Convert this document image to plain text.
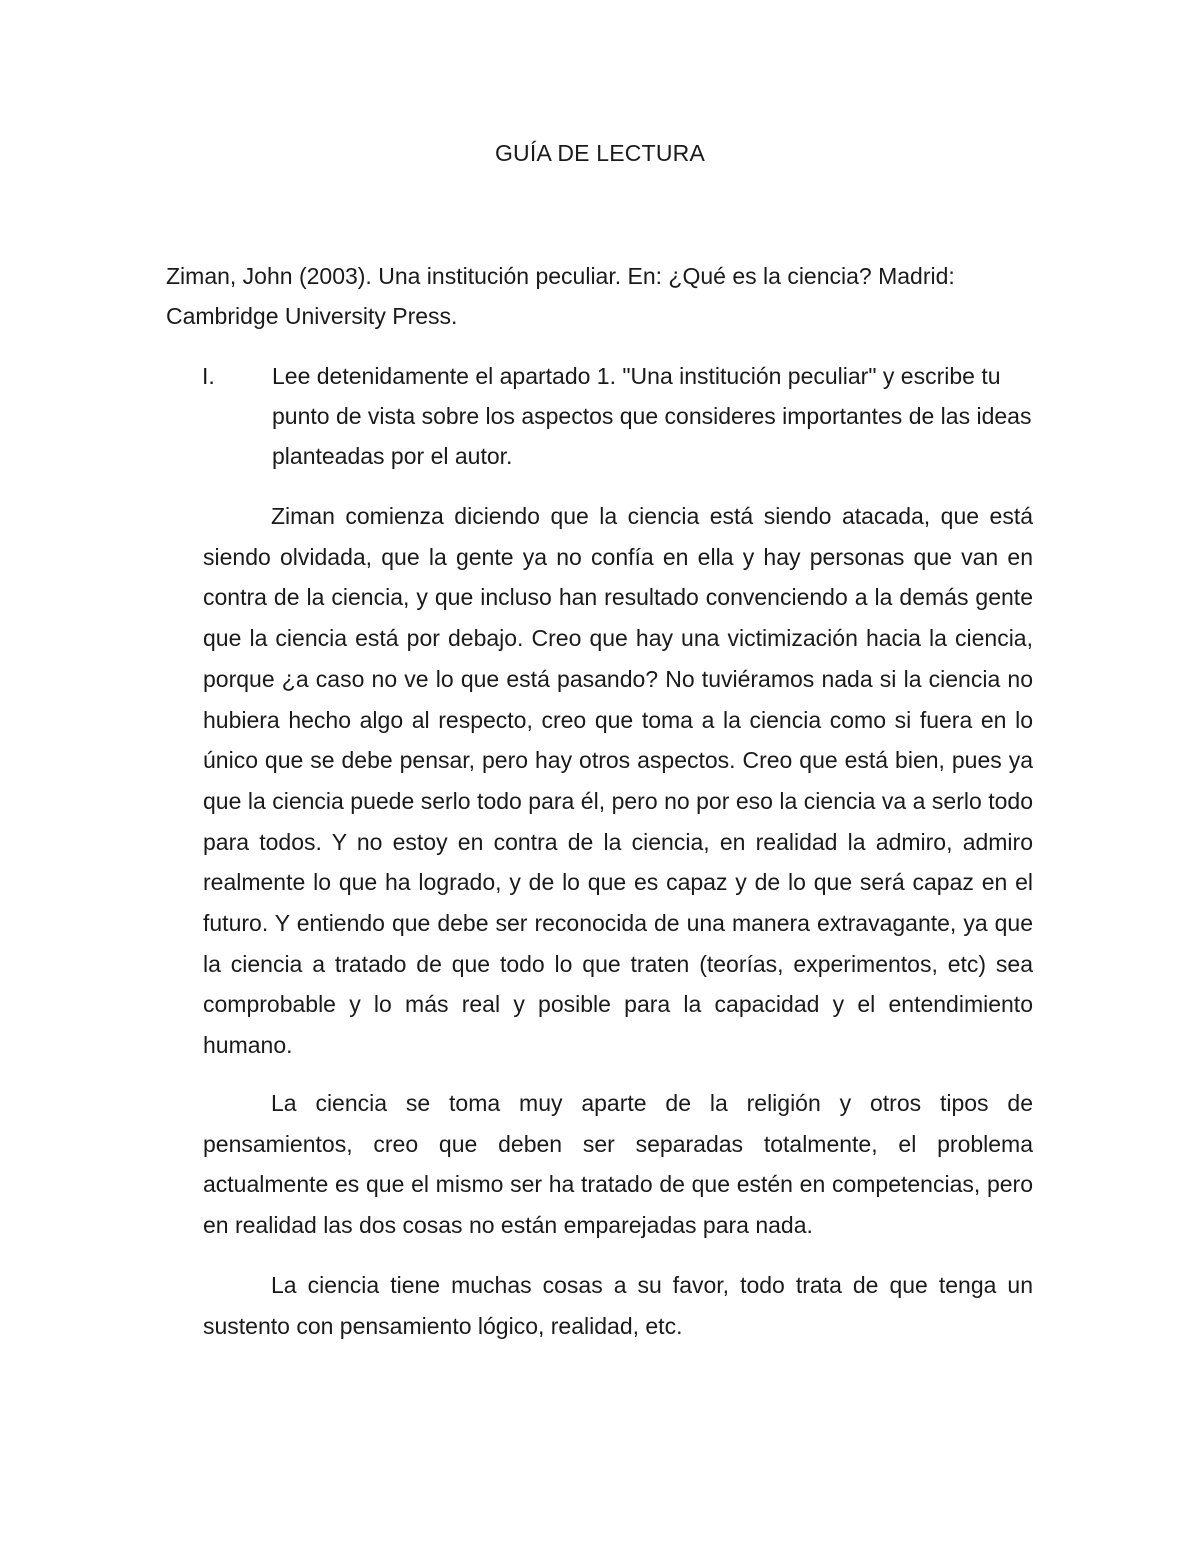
GUÍA DE LECTURA

Ziman, John (2003). Una institución peculiar. En: ¿Qué es la ciencia? Madrid: Cambridge University Press.

I. Lee detenidamente el apartado 1. "Una institución peculiar" y escribe tu punto de vista sobre los aspectos que consideres importantes de las ideas planteadas por el autor.

Ziman comienza diciendo que la ciencia está siendo atacada, que está siendo olvidada, que la gente ya no confía en ella y hay personas que van en contra de la ciencia, y que incluso han resultado convenciendo a la demás gente que la ciencia está por debajo. Creo que hay una victimización hacia la ciencia, porque ¿a caso no ve lo que está pasando? No tuviéramos nada si la ciencia no hubiera hecho algo al respecto, creo que toma a la ciencia como si fuera en lo único que se debe pensar, pero hay otros aspectos. Creo que está bien, pues ya que la ciencia puede serlo todo para él, pero no por eso la ciencia va a serlo todo para todos. Y no estoy en contra de la ciencia, en realidad la admiro, admiro realmente lo que ha logrado, y de lo que es capaz y de lo que será capaz en el futuro. Y entiendo que debe ser reconocida de una manera extravagante, ya que la ciencia a tratado de que todo lo que traten (teorías, experimentos, etc) sea comprobable y lo más real y posible para la capacidad y el entendimiento humano.

La ciencia se toma muy aparte de la religión y otros tipos de pensamientos, creo que deben ser separadas totalmente, el problema actualmente es que el mismo ser ha tratado de que estén en competencias, pero en realidad las dos cosas no están emparejadas para nada.

La ciencia tiene muchas cosas a su favor, todo trata de que tenga un sustento con pensamiento lógico, realidad, etc.
